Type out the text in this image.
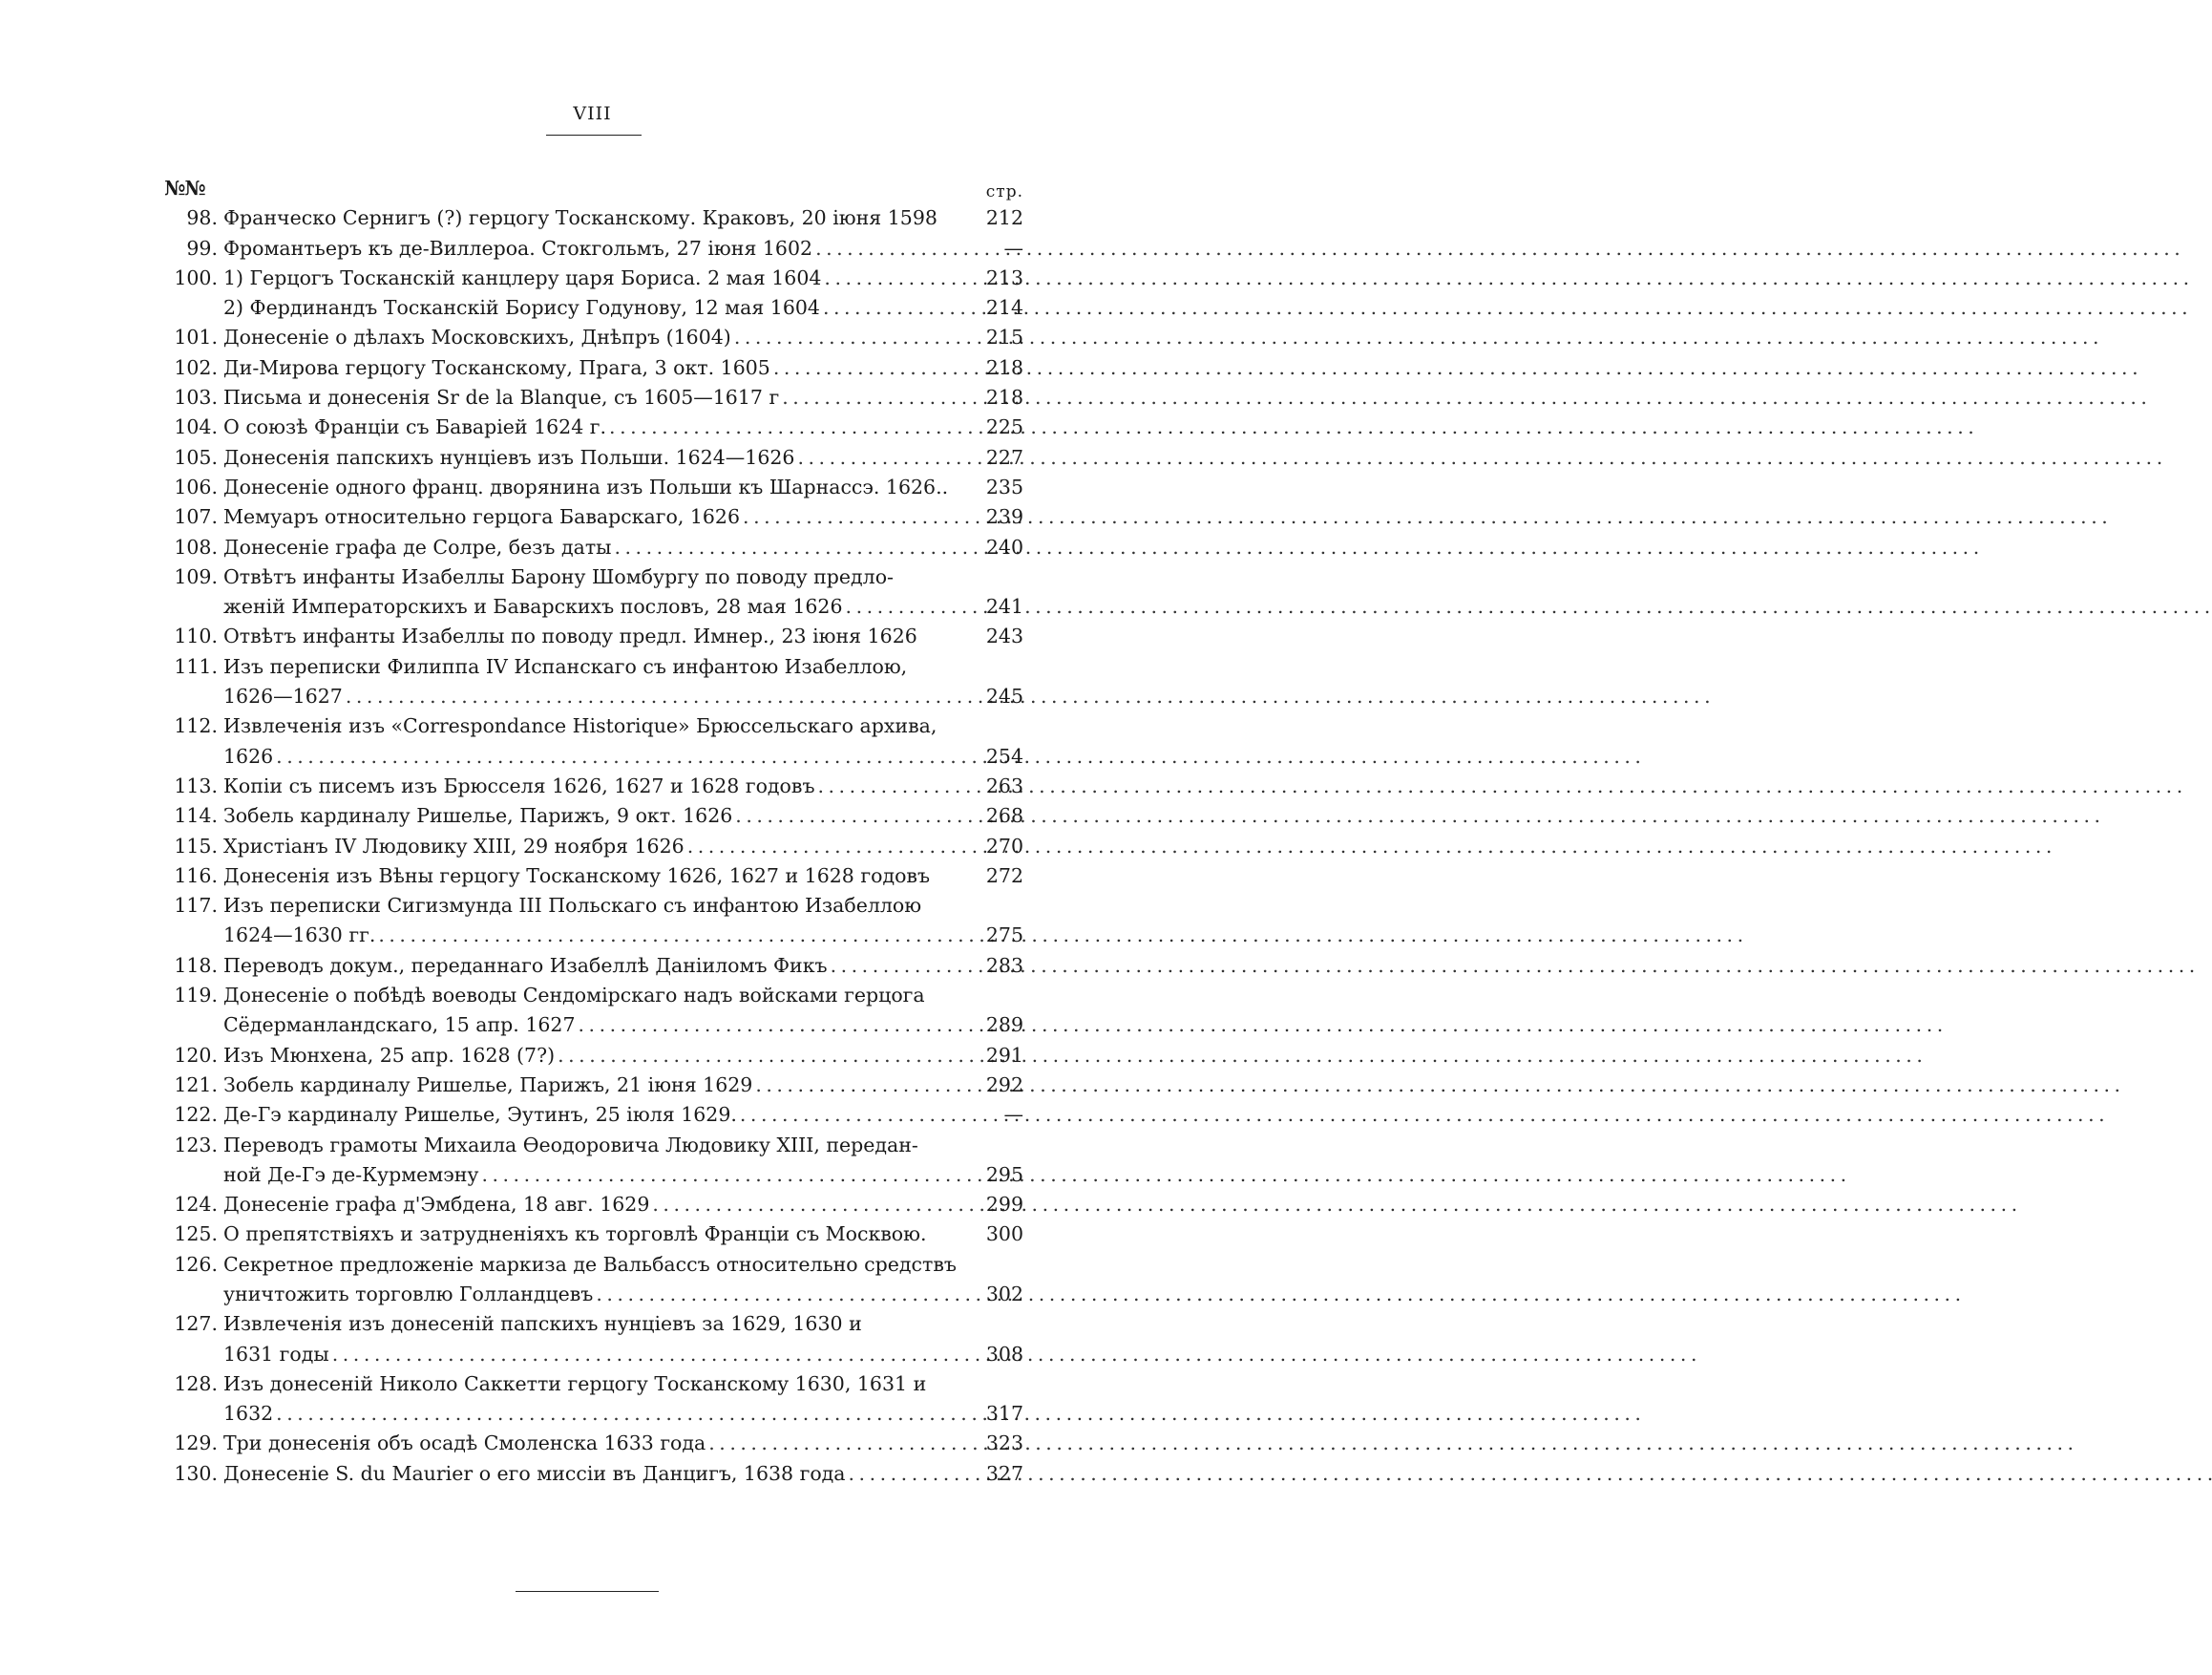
VIII
№№	стр.
98. Франческо Сернигъ (?) герцогу Тосканскому. Краковъ, 20 іюня 1598	212
99. Фромантьеръ къ де-Виллероа. Стокгольмъ, 27 іюня 1602 . . .	—
100. 1) Герцогъ Тосканскій канцлеру царя Бориса. 2 мая 1604 . . .	213
2) Фердинандъ Тосканскій Борису Годунову, 12 мая 1604 . . .	214
101. Донесеніе о дѣлахъ Московскихъ, Днѣпръ (1604) . . .	215
102. Ди-Мирова герцогу Тосканскому, Прага, 3 окт. 1605 . . .	218
103. Письма и донесенія Sr de la Blanque, съ 1605—1617 г . . .	218
104. О союзѣ Франціи съ Баваріей 1624 г. . . .	225
105. Донесенія папскихъ нунціевъ изъ Польши. 1624—1626 . . .	227
106. Донесеніе одного франц. дворянина изъ Польши къ Шарнассэ. 1626..	235
107. Мемуаръ относительно герцога Баварскаго, 1626 . . .	239
108. Донесеніе графа де Солре, безъ даты . . .	240
109. Отвѣтъ инфанты Изабеллы Барону Шомбургу по поводу предло-
женій Императорскихъ и Баварскихъ пословъ, 28 мая 1626 . . .	241
110. Отвѣтъ инфанты Изабеллы по поводу предл. Имнер., 23 іюня 1626	243
111. Изъ переписки Филиппа IV Испанскаго съ инфантою Изабеллою,
1626—1627 . . .	245
112. Извлеченія изъ «Correspondance Historique» Брюссельскаго архива,
1626 . . .	254
113. Копіи съ писемъ изъ Брюсселя 1626, 1627 и 1628 годовъ . . .	263
114. Зобель кардиналу Ришелье, Парижъ, 9 окт. 1626 . . .	268
115. Христіанъ IV Людовику XIII, 29 ноября 1626 . . .	270
116. Донесенія изъ Вѣны герцогу Тосканскому 1626, 1627 и 1628 годовъ	272
117. Изъ переписки Сигизмунда III Польскаго съ инфантою Изабеллою
1624—1630 гг. . . .	275
118. Переводъ докум., переданнаго Изабеллѣ Даніиломъ Фикъ . . .	283
119. Донесеніе о побѣдѣ воеводы Сендомірскаго надъ войсками герцога
Сёдерманландскаго, 15 апр. 1627 . . .	289
120. Изъ Мюнхена, 25 апр. 1628 (7?) . . .	291
121. Зобель кардиналу Ришелье, Парижъ, 21 іюня 1629 . . .	292
122. Де-Гэ кардиналу Ришелье, Эутинъ, 25 іюля 1629. . . .	—
123. Переводъ грамоты Михаила Ѳеодоровича Людовику XIII, передан-
ной Де-Гэ де-Курмемэну . . .	295
124. Донесеніе графа д'Эмбдена, 18 авг. 1629 . . .	299
125. О препятствіяхъ и затрудненіяхъ къ торговлѣ Франціи съ Москвою.	300
126. Секретное предложеніе маркиза де Вальбассъ относительно средствъ
уничтожить торговлю Голландцевъ . . .	302
127. Извлеченія изъ донесеній папскихъ нунціевъ за 1629, 1630 и
1631 годы . . .	308
128. Изъ донесеній Николо Саккетти герцогу Тосканскому 1630, 1631 и
1632 . . .	317
129. Три донесенія объ осадѣ Смоленска 1633 года . . .	323
130. Донесеніе S. du Maurier о его миссіи въ Данцигъ, 1638 года . . .	327
